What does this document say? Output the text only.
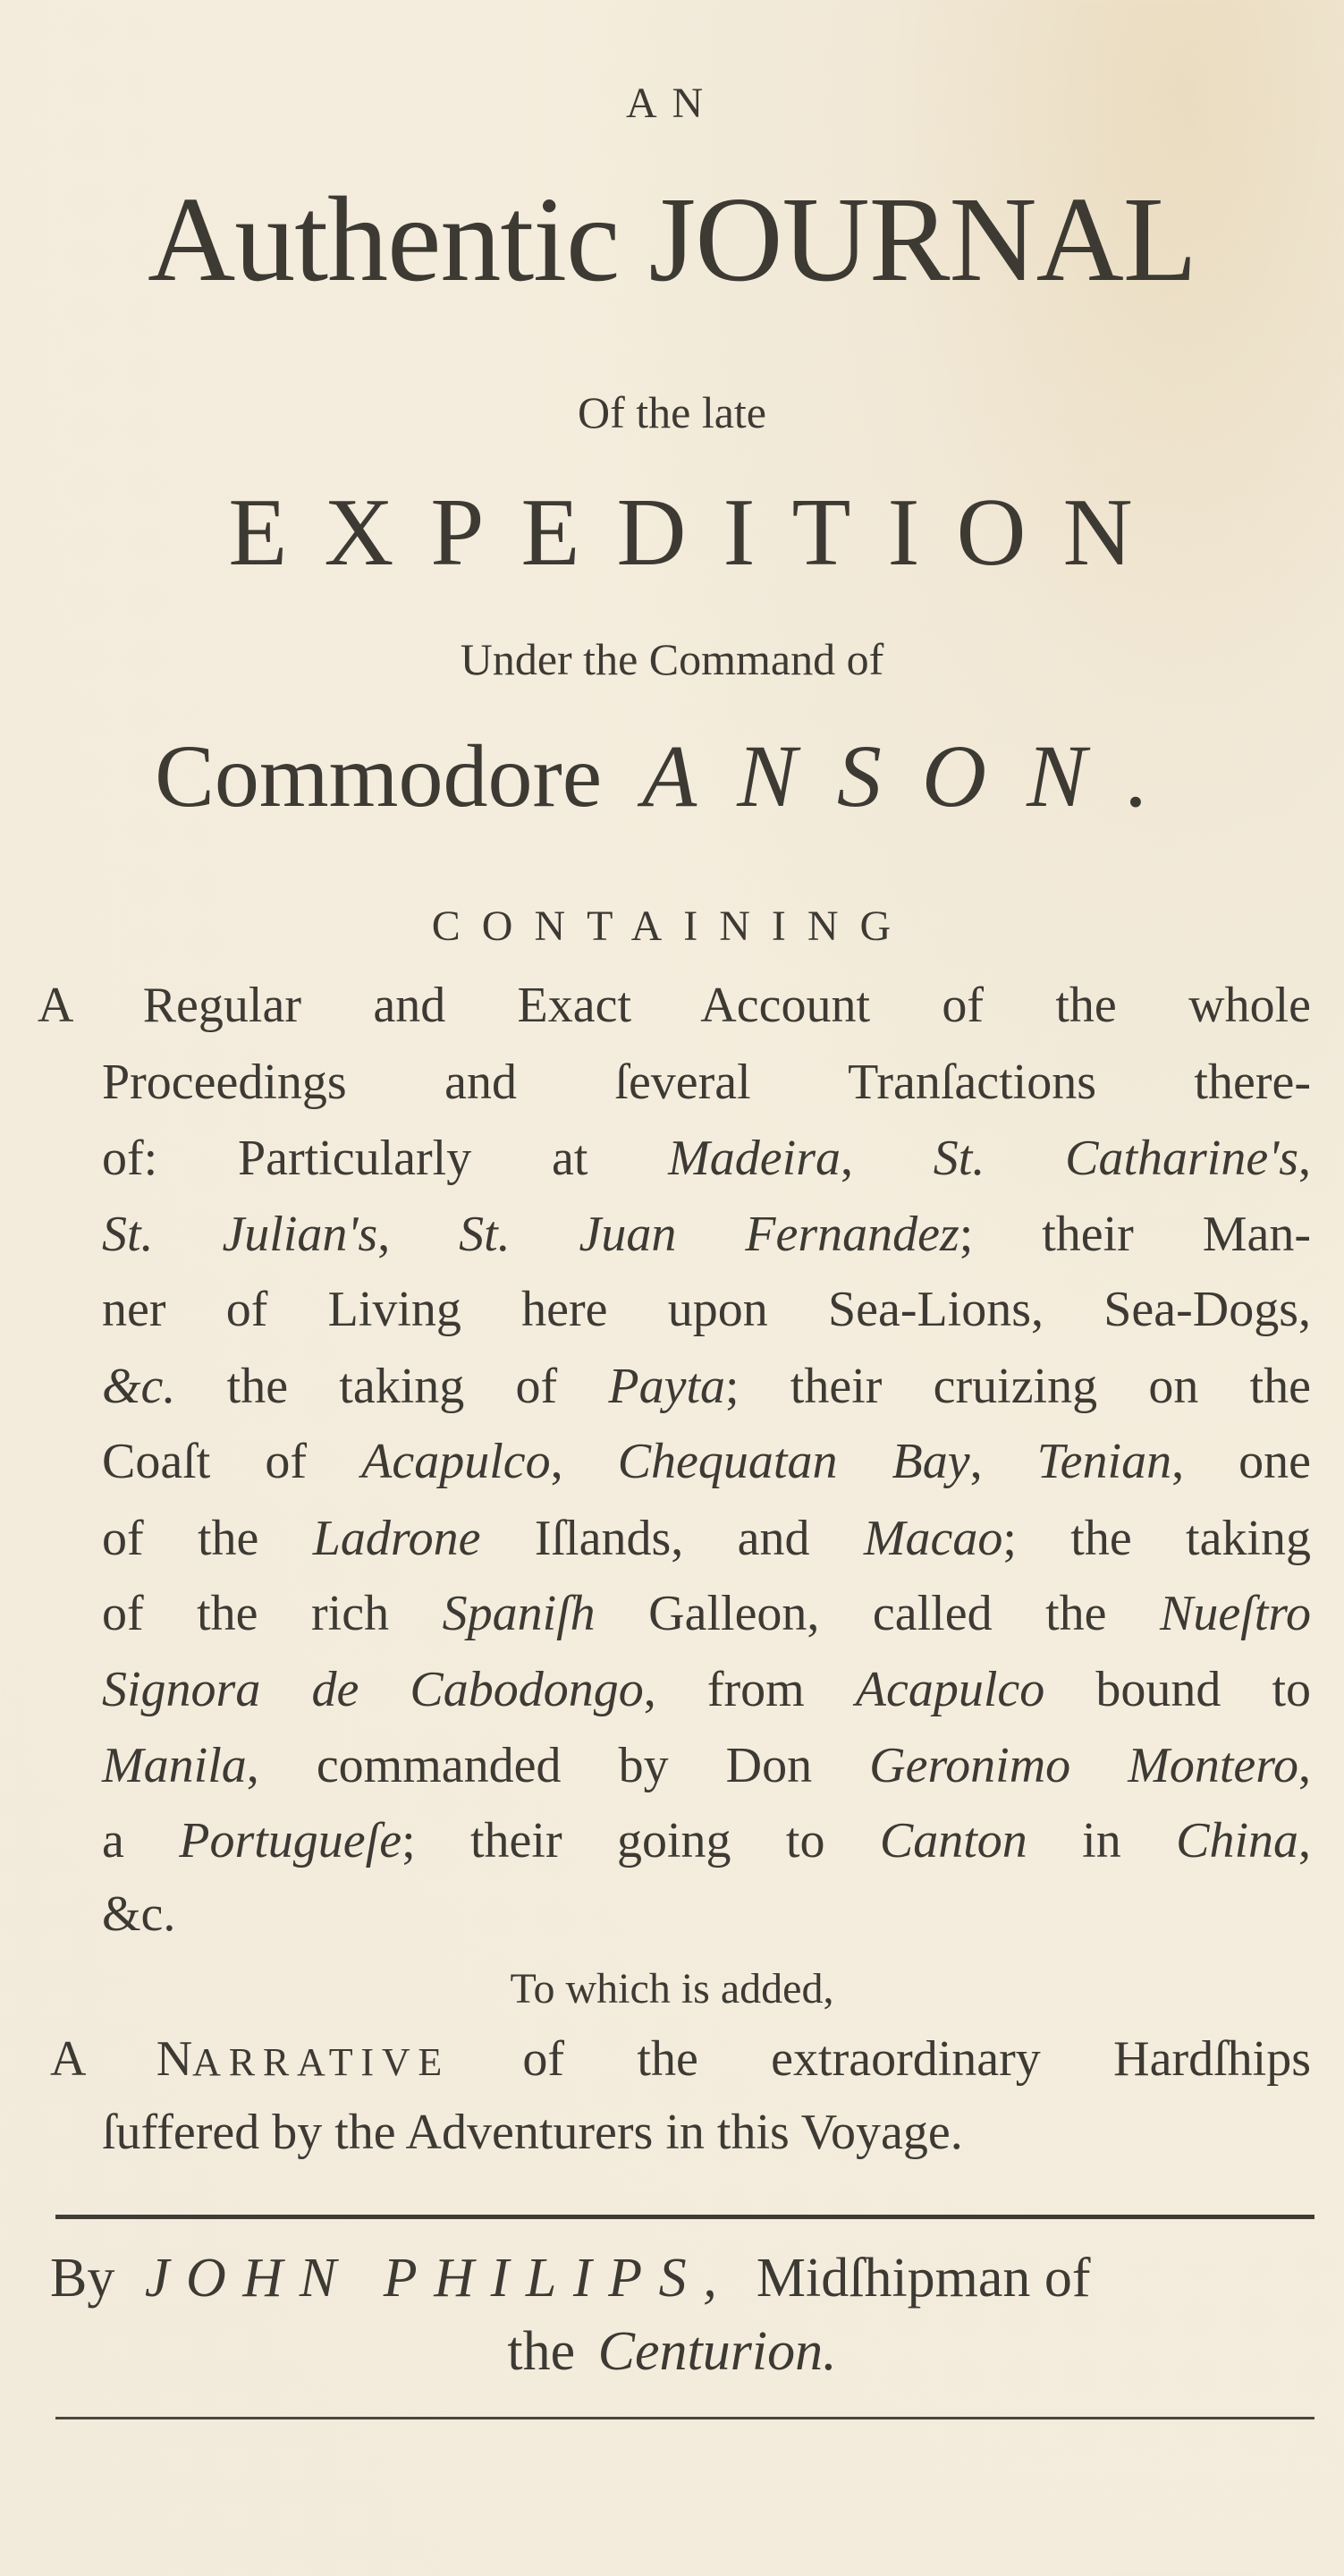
AN
Authentic JOURNAL
Of the late
EXPEDITION
Under the Command of
Commodore ANSON.
CONTAINING
A Regular and Exact Account of the whole
Proceedings and ſeveral Tranſactions there-
of: Particularly at Madeira, St. Catharine's,
St. Julian's, St. Juan Fernandez; their Man-
ner of Living here upon Sea-Lions, Sea-Dogs,
&c. the taking of Payta; their cruizing on the
Coaſt of Acapulco, Chequatan Bay, Tenian, one
of the Ladrone Iſlands, and Macao; the taking
of the rich Spaniſh Galleon, called the Nueſtro
Signora de Cabodongo, from Acapulco bound to
Manila, commanded by Don Geronimo Montero,
a Portugueſe; their going to Canton in China,
&c.
To which is added,
A NARRATIVE of the extraordinary Hardſhips
ſuffered by the Adventurers in this Voyage.
By JOHN PHILIPS, Midſhipman of
the Centurion.
